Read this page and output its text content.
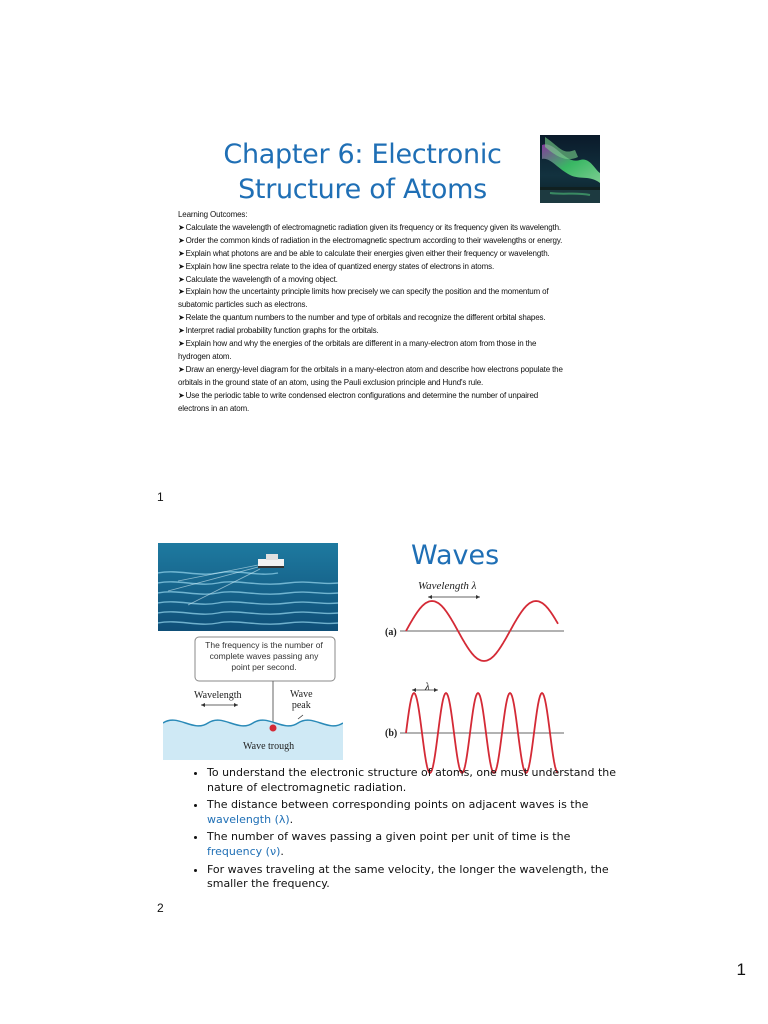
Chapter 6: Electronic
Structure of Atoms

Learning Outcomes:

➤Calculate the wavelength of electromagnetic radiation given its frequency or its frequency given its wavelength.

➤Order the common kinds of radiation in the electromagnetic spectrum according to their wavelengths or energy.

➤Explain what photons are and be able to calculate their energies given either their frequency or wavelength.

➤Explain how line spectra relate to the idea of quantized energy states of electrons in atoms.

➤Calculate the wavelength of a moving object.

➤Explain how the uncertainty principle limits how precisely we can specify the position and the momentum of subatomic particles such as electrons.

➤Relate the quantum numbers to the number and type of orbitals and recognize the different orbital shapes.

➤Interpret radial probability function graphs for the orbitals.

➤Explain how and why the energies of the orbitals are different in a many-electron atom from those in the hydrogen atom.

➤Draw an energy-level diagram for the orbitals in a many-electron atom and describe how electrons populate the orbitals in the ground state of an atom, using the Pauli exclusion principle and Hund's rule.

➤Use the periodic table to write condensed electron configurations and determine the number of unpaired electrons in an atom.

1
The frequency is the number of complete waves passing any point per second.
Wavelength	Wave
peak
Wave trough
Waves
Wavelength λ
(a)
(b)
λ
• To understand the electronic structure of atoms, one must understand the nature of electromagnetic radiation.
• The distance between corresponding points on adjacent waves is the wavelength (λ).
• The number of waves passing a given point per unit of time is the frequency (ν).
• For waves traveling at the same velocity, the longer the wavelength, the smaller the frequency.
2
1
